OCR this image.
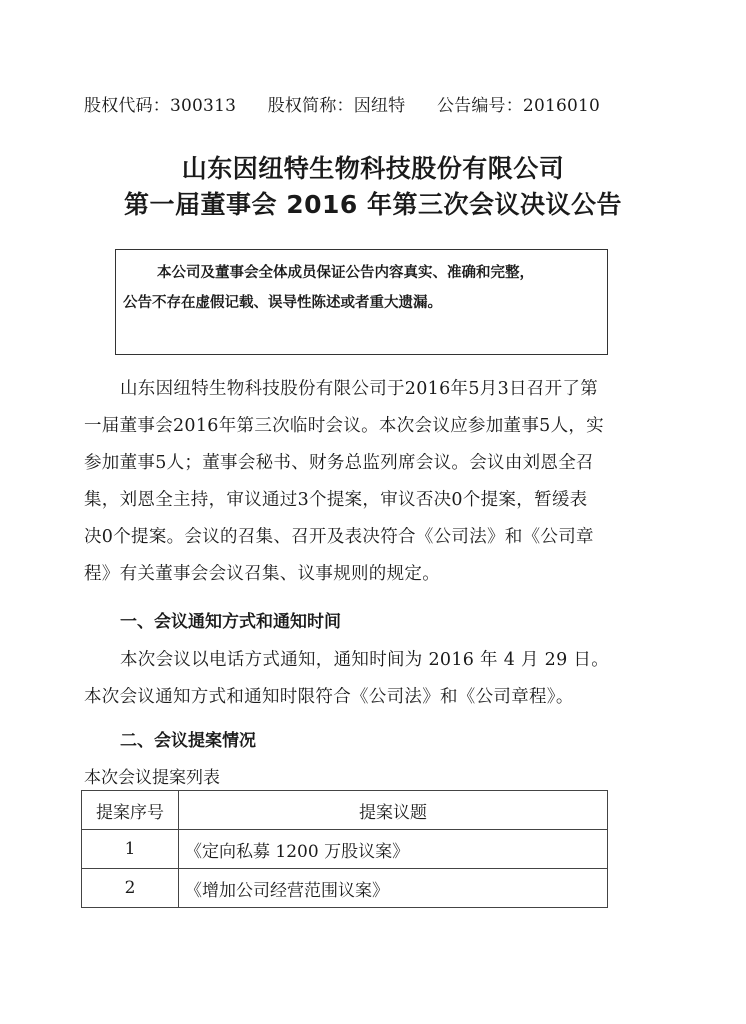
股权代码：300313 股权简称：因纽特 公告编号：2016010
山东因纽特生物科技股份有限公司
第一届董事会 2016 年第三次会议决议公告
本公司及董事会全体成员保证公告内容真实、准确和完整，
公告不存在虚假记载、误导性陈述或者重大遗漏。
山东因纽特生物科技股份有限公司于2016年5月3日召开了第
一届董事会2016年第三次临时会议。本次会议应参加董事5人，实
参加董事5人；董事会秘书、财务总监列席会议。会议由刘恩全召
集，刘恩全主持，审议通过3个提案，审议否决0个提案，暂缓表
决0个提案。会议的召集、召开及表决符合《公司法》和《公司章
程》有关董事会会议召集、议事规则的规定。
一、会议通知方式和通知时间
本次会议以电话方式通知，通知时间为 2016 年 4 月 29 日。
本次会议通知方式和通知时限符合《公司法》和《公司章程》。
二、会议提案情况
本次会议提案列表
提案序号	提案议题
1	《定向私募 1200 万股议案》
2	《增加公司经营范围议案》
